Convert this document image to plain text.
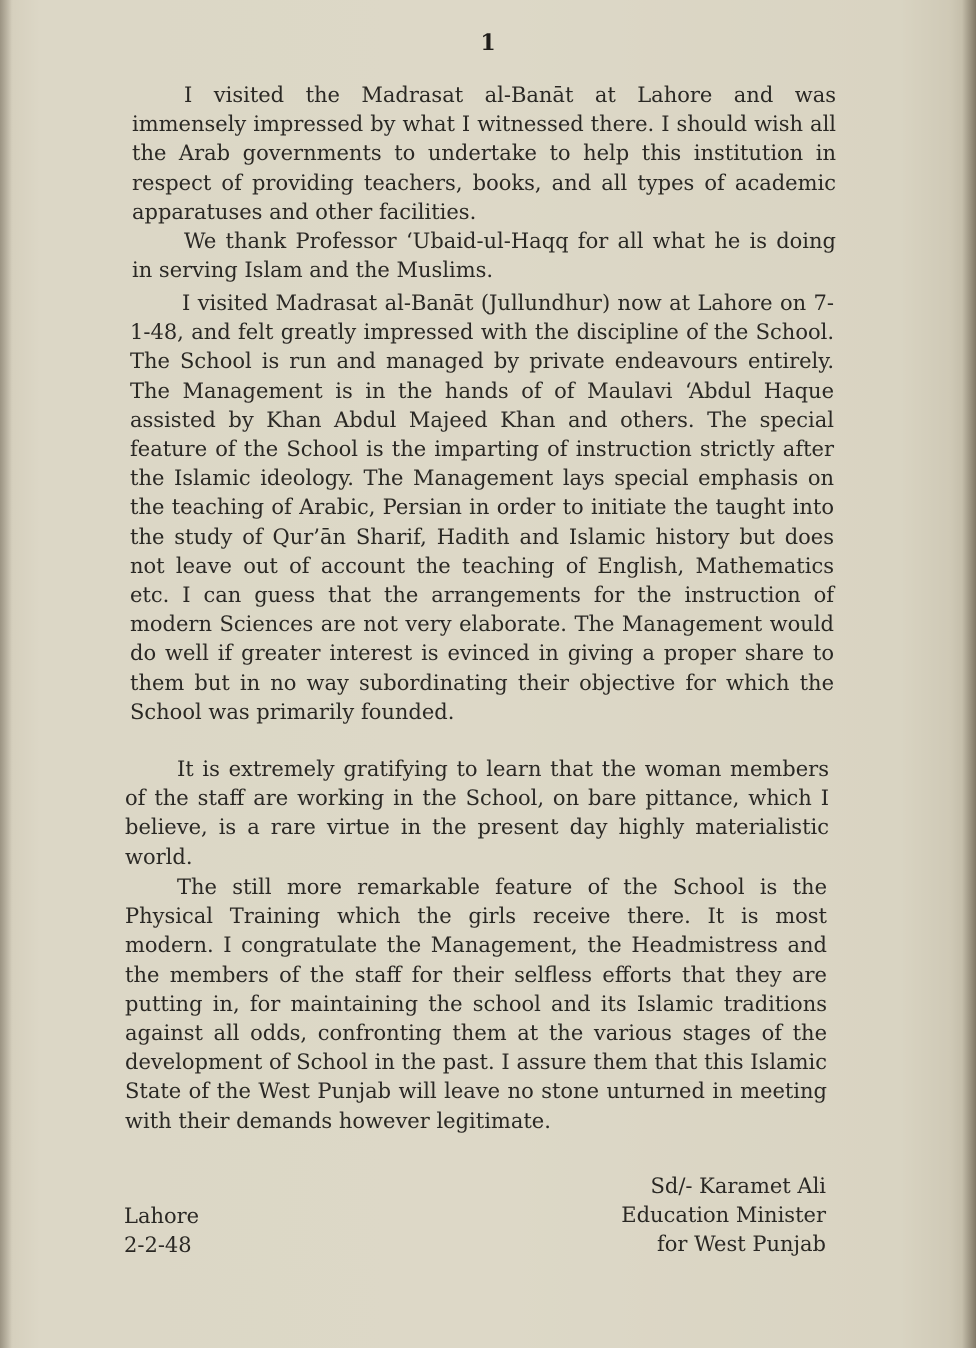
1

I visited the Madrasat al-Banāt at Lahore and was immensely impressed by what I witnessed there. I should wish all the Arab governments to undertake to help this institution in respect of providing teachers, books, and all types of academic apparatuses and other facilities.

We thank Professor ‘Ubaid-ul-Haqq for all what he is doing in serving Islam and the Muslims.

I visited Madrasat al-Banāt (Jullundhur) now at Lahore on 7-1-48, and felt greatly impressed with the discipline of the School. The School is run and managed by private endeavours entirely. The Management is in the hands of of Maulavi ‘Abdul Haque assisted by Khan Abdul Majeed Khan and others. The special feature of the School is the imparting of instruction strictly after the Islamic ideology. The Management lays special emphasis on the teaching of Arabic, Persian in order to initiate the taught into the study of Qur’ān Sharif, Hadith and Islamic history but does not leave out of account the teaching of English, Mathematics etc. I can guess that the arrangements for the instruction of modern Sciences are not very elaborate. The Management would do well if greater interest is evinced in giving a proper share to them but in no way subordinating their objective for which the School was primarily founded.

It is extremely gratifying to learn that the woman members of the staff are working in the School, on bare pittance, which I believe, is a rare virtue in the present day highly materialistic world.

The still more remarkable feature of the School is the Physical Training which the girls receive there. It is most modern. I congratulate the Management, the Headmistress and the members of the staff for their selfless efforts that they are putting in, for maintaining the school and its Islamic traditions against all odds, confronting them at the various stages of the development of School in the past. I assure them that this Islamic State of the West Punjab will leave no stone unturned in meeting with their demands however legitimate.

Sd/- Karamet Ali
Education Minister
for West Punjab
Lahore
2-2-48
